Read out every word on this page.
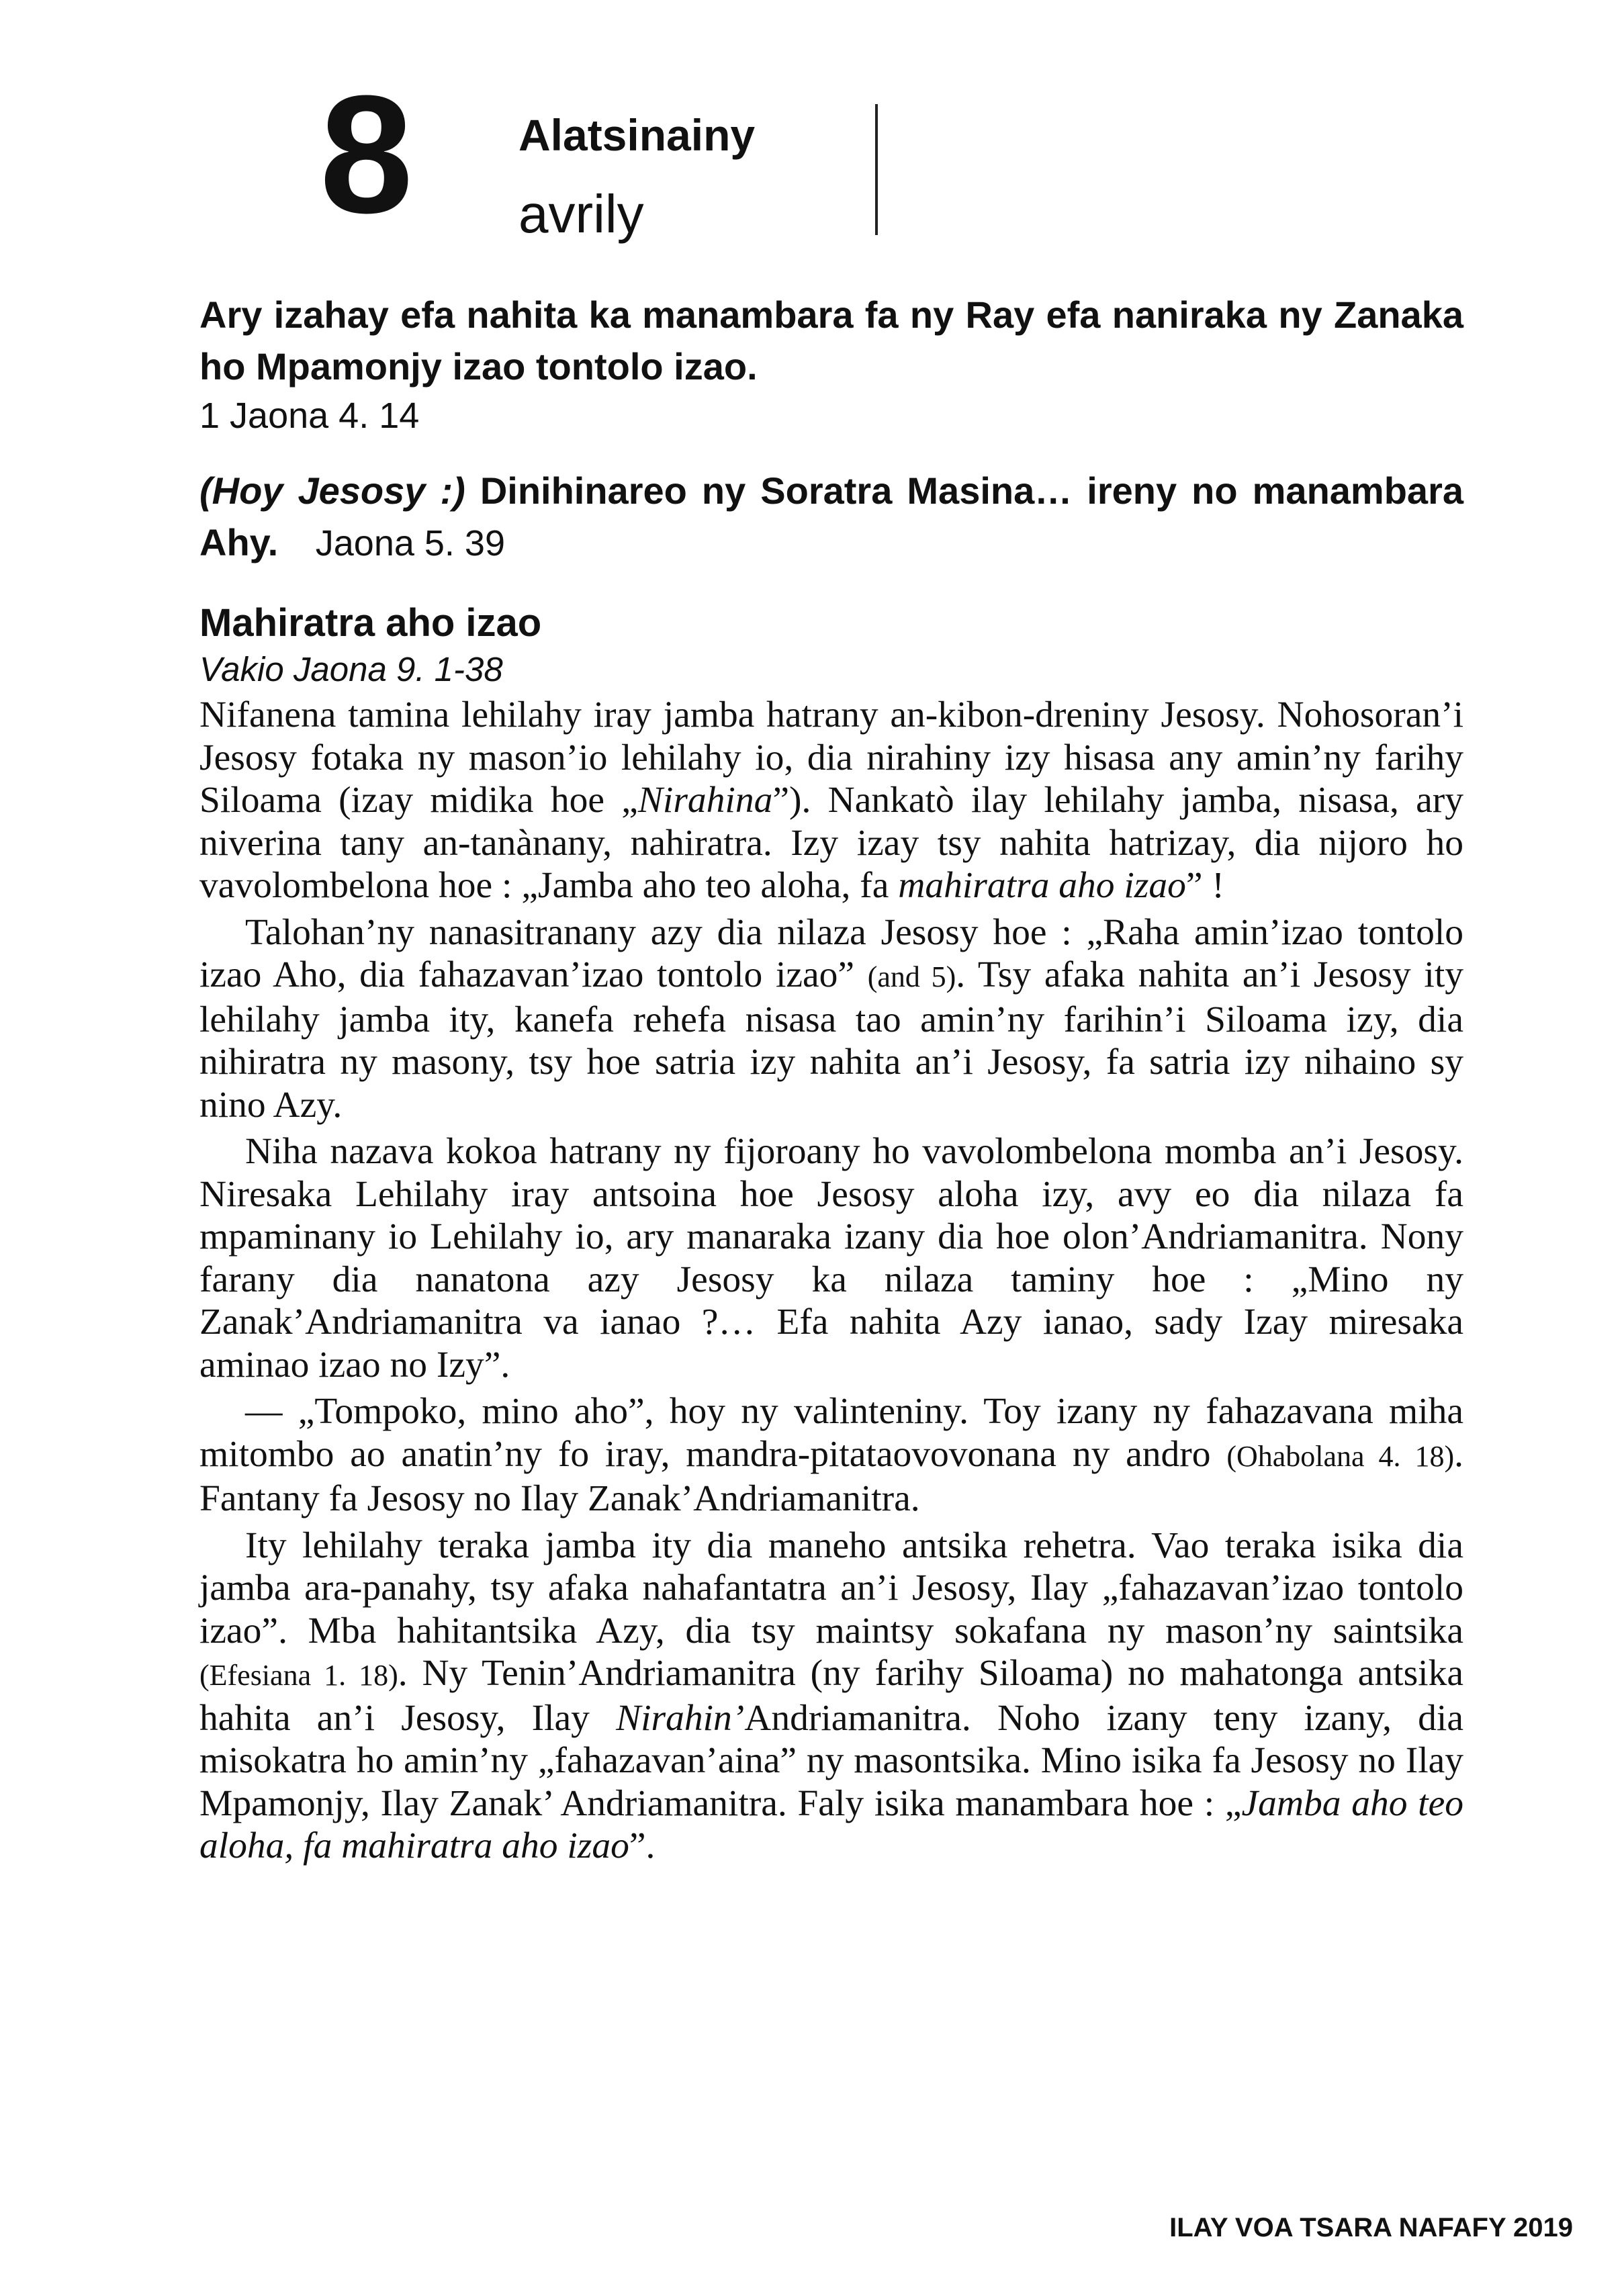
8 Alatsinainy
avrily

Ary izahay efa nahita ka manambara fa ny Ray efa naniraka ny Zanaka ho Mpamonjy izao tontolo izao.

1 Jaona 4. 14

(Hoy Jesosy :) Dinihinareo ny Soratra Masina… ireny no manambara Ahy. Jaona 5. 39
Mahiratra aho izao
Vakio Jaona 9. 1-38

Nifanena tamina lehilahy iray jamba hatrany an-kibon-dreniny Jesosy. Nohosoran’i Jesosy fotaka ny mason’io lehilahy io, dia nirahiny izy hisasa any amin’ny farihy Siloama (izay midika hoe „Nirahina”). Nankatò ilay lehilahy jamba, nisasa, ary niverina tany an-tanànany, nahiratra. Izy izay tsy nahita hatrizay, dia nijoro ho vavolombelona hoe : „Jamba aho teo aloha, fa mahiratra aho izao” !

Talohan’ny nanasitranany azy dia nilaza Jesosy hoe : „Raha amin’izao tontolo izao Aho, dia fahazavan’izao tontolo izao” (and 5). Tsy afaka nahita an’i Jesosy ity lehilahy jamba ity, kanefa rehefa nisasa tao amin’ny farihin’i Siloama izy, dia nihiratra ny masony, tsy hoe satria izy nahita an’i Jesosy, fa satria izy nihaino sy nino Azy.

Niha nazava kokoa hatrany ny fijoroany ho vavolombelona momba an’i Jesosy. Niresaka Lehilahy iray antsoina hoe Jesosy aloha izy, avy eo dia nilaza fa mpaminany io Lehilahy io, ary manaraka izany dia hoe olon’Andriamanitra. Nony farany dia nanatona azy Jesosy ka nilaza taminy hoe : „Mino ny Zanak’Andriamanitra va ianao ?… Efa nahita Azy ianao, sady Izay miresaka aminao izao no Izy”.

— „Tompoko, mino aho”, hoy ny valinteniny. Toy izany ny fahazavana miha mitombo ao anatin’ny fo iray, mandra-pitataovovonana ny andro (Ohabolana 4. 18). Fantany fa Jesosy no Ilay Zanak’Andriamanitra.

Ity lehilahy teraka jamba ity dia maneho antsika rehetra. Vao teraka isika dia jamba ara-panahy, tsy afaka nahafantatra an’i Jesosy, Ilay „fahazavan’izao tontolo izao”. Mba hahitantsika Azy, dia tsy maintsy sokafana ny mason’ny saintsika (Efesiana 1. 18). Ny Tenin’Andriamanitra (ny farihy Siloama) no mahatonga antsika hahita an’i Jesosy, Ilay Nirahin’Andriamanitra. Noho izany teny izany, dia misokatra ho amin’ny „fahazavan’aina” ny masontsika. Mino isika fa Jesosy no Ilay Mpamonjy, Ilay Zanak’ Andriamanitra. Faly isika manambara hoe : „Jamba aho teo aloha, fa mahiratra aho izao”.

ILAY VOA TSARA NAFAFY 2019
